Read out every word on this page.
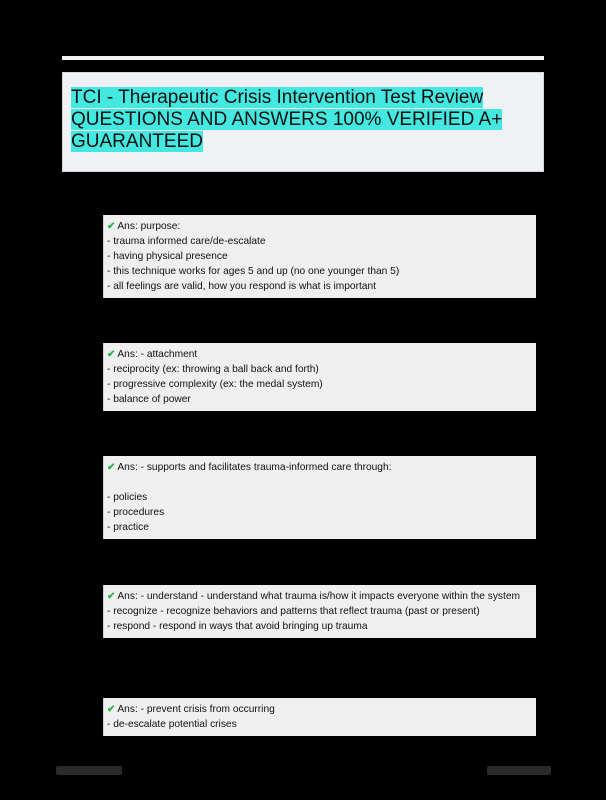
TCI - Therapeutic Crisis Intervention Test Review QUESTIONS AND ANSWERS 100% VERIFIED A+ GUARANTEED
✔ Ans: purpose:
- trauma informed care/de-escalate
- having physical presence
- this technique works for ages 5 and up (no one younger than 5)
- all feelings are valid, how you respond is what is important
✔ Ans: - attachment
- reciprocity (ex: throwing a ball back and forth)
- progressive complexity (ex: the medal system)
- balance of power
✔ Ans: - supports and facilitates trauma-informed care through:
- policies
- procedures
- practice
✔ Ans: - understand - understand what trauma is/how it impacts everyone within the system
- recognize - recognize behaviors and patterns that reflect trauma (past or present)
- respond - respond in ways that avoid bringing up trauma
✔ Ans: - prevent crisis from occurring
- de-escalate potential crises
